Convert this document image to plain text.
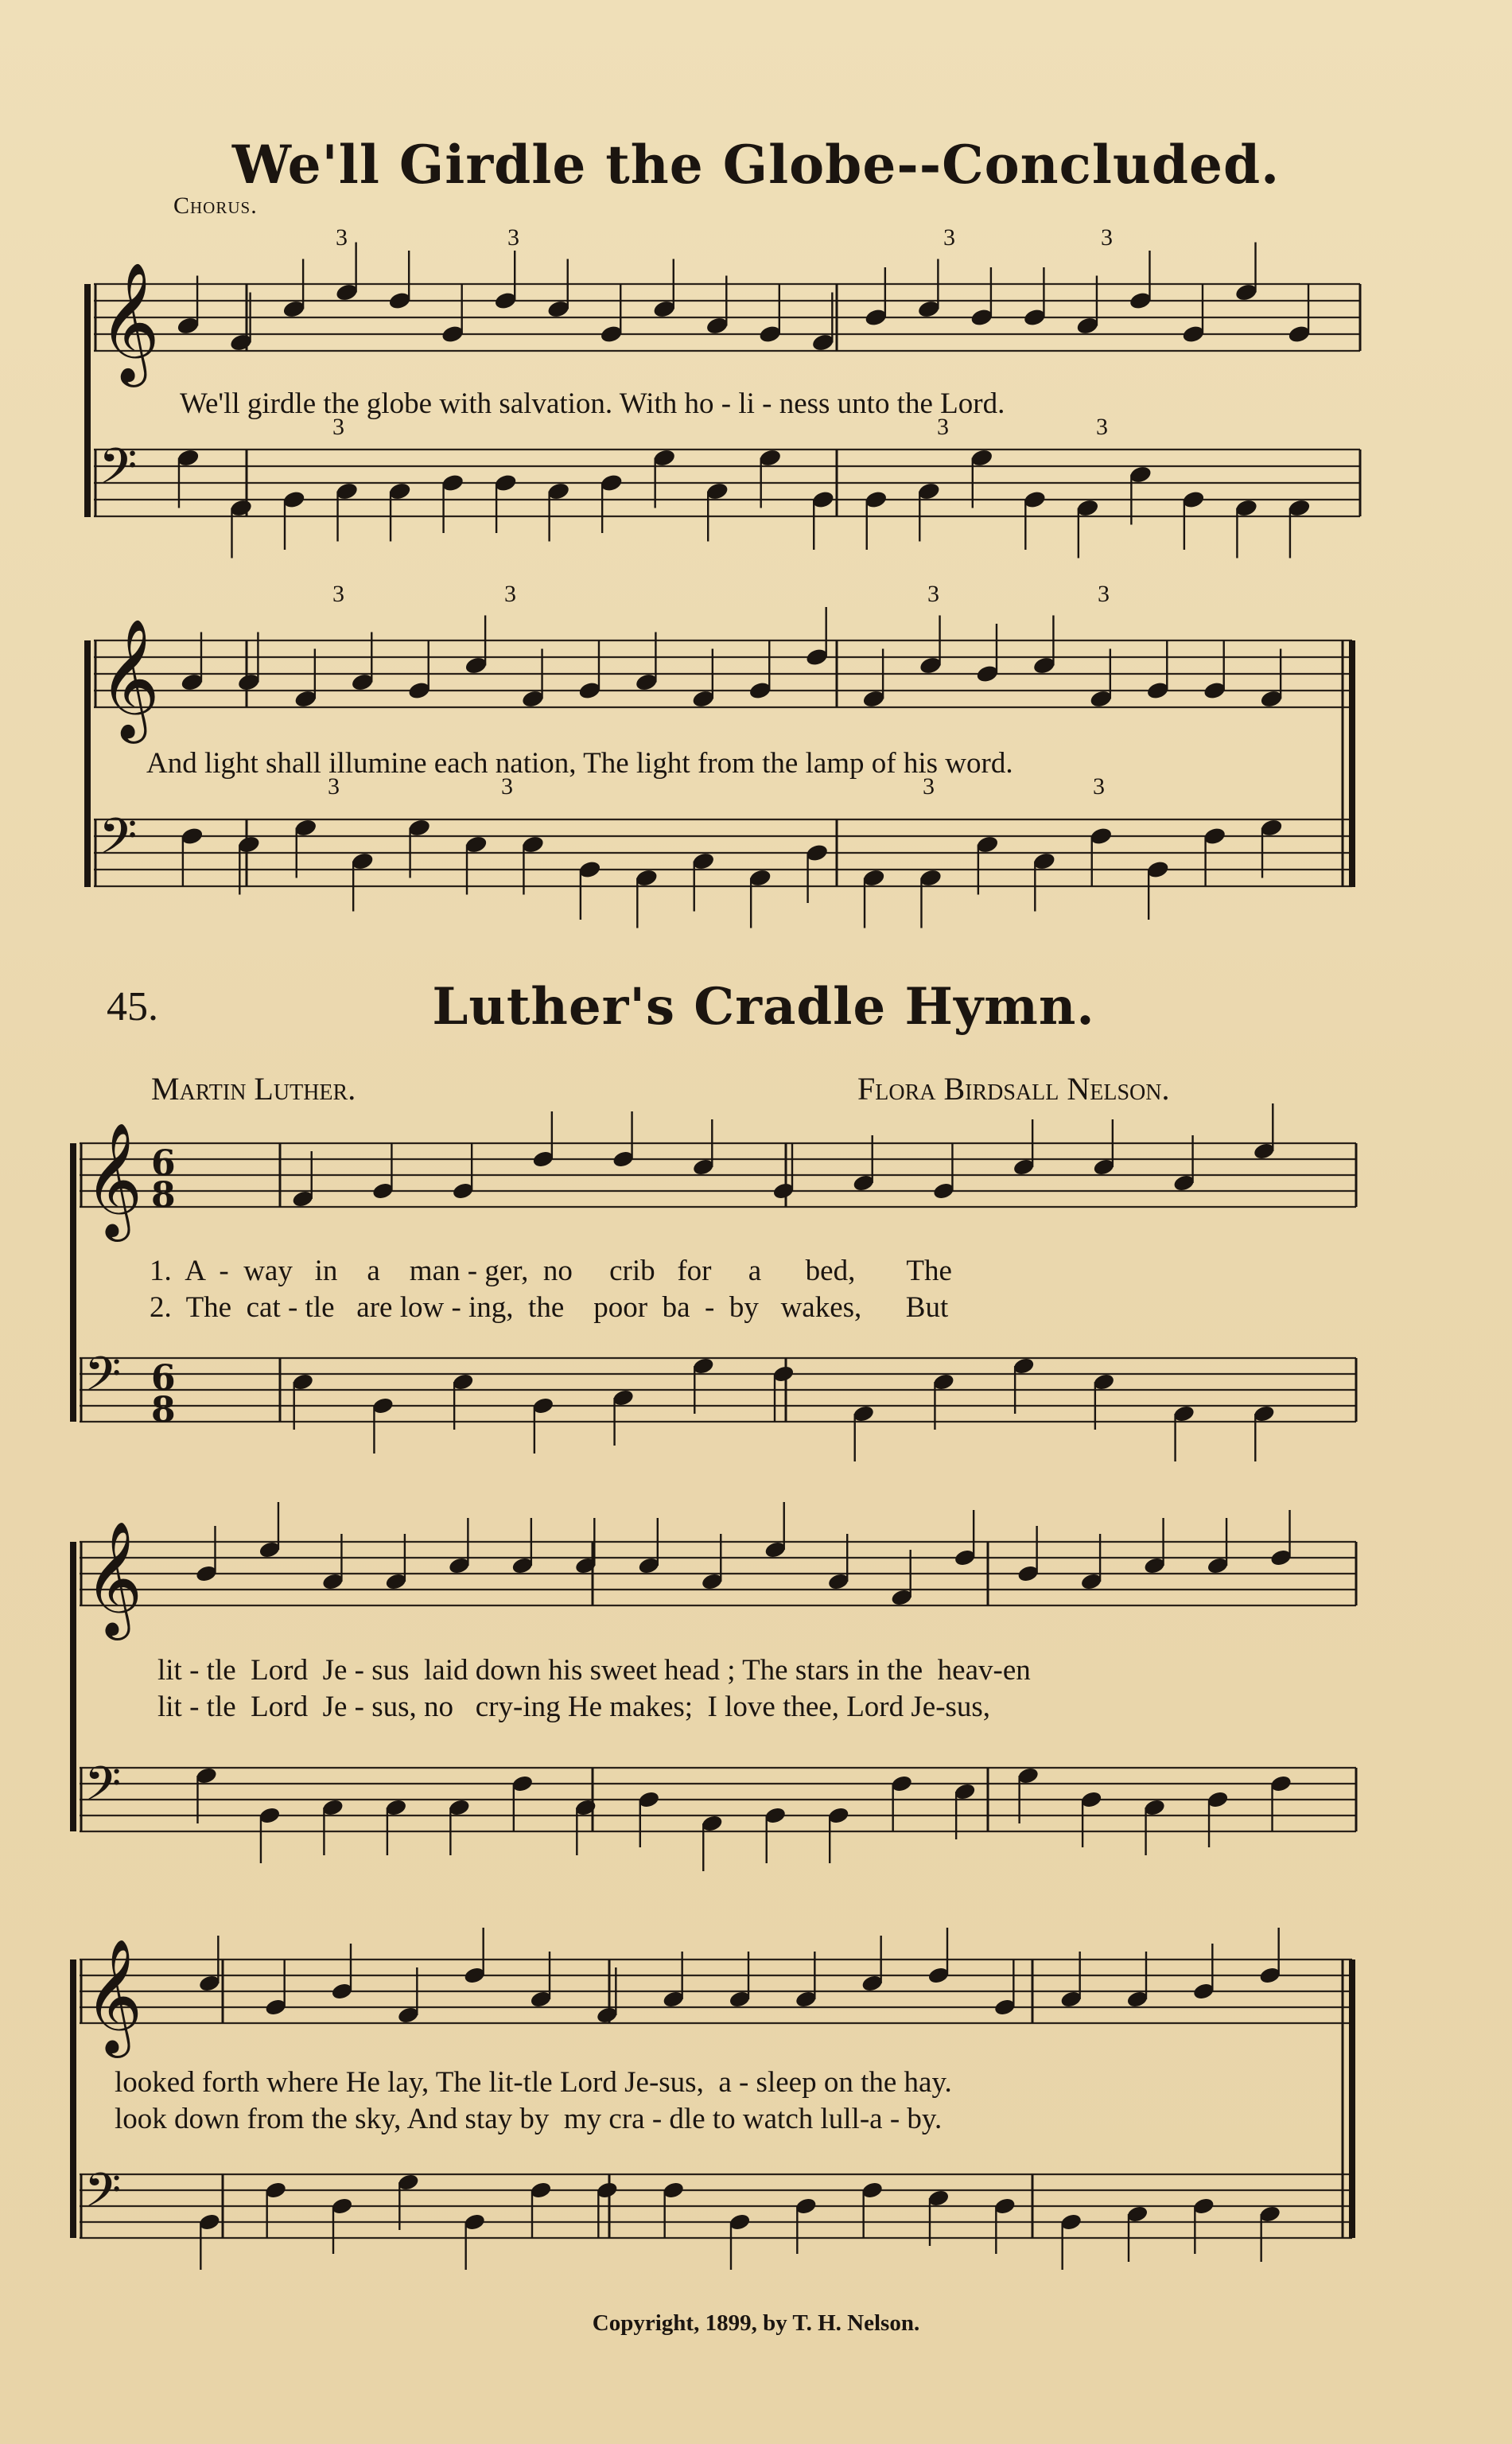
We'll Girdle the Globe--Concluded.
Chorus.
3	3	3	3
3	3	3
3	3	3	3
3	3	3	3
We'll girdle the globe with salvation. With ho - li - ness unto the Lord.
And light shall illumine each nation, The light from the lamp of his word.
45.	Luther's Cradle Hymn.
Martin Luther.	Flora Birdsall Nelson.
1.  A  -  way   in    a    man - ger,  no     crib   for     a      bed,       The
2.  The  cat - tle   are low - ing,  the    poor  ba  -  by   wakes,      But
lit - tle  Lord  Je - sus  laid down his sweet head ; The stars in the  heav-en
lit - tle  Lord  Je - sus, no   cry-ing He makes;  I love thee, Lord Je-sus,
looked forth where He lay, The lit-tle Lord Je-sus,  a - sleep on the hay.
look down from the sky, And stay by  my cra - dle to watch lull-a - by.
𝄞
𝄢
𝄞
𝄢
𝄞
𝄢
𝄞
𝄢
𝄞
𝄢
6
8
6
8
Copyright, 1899, by T. H. Nelson.
